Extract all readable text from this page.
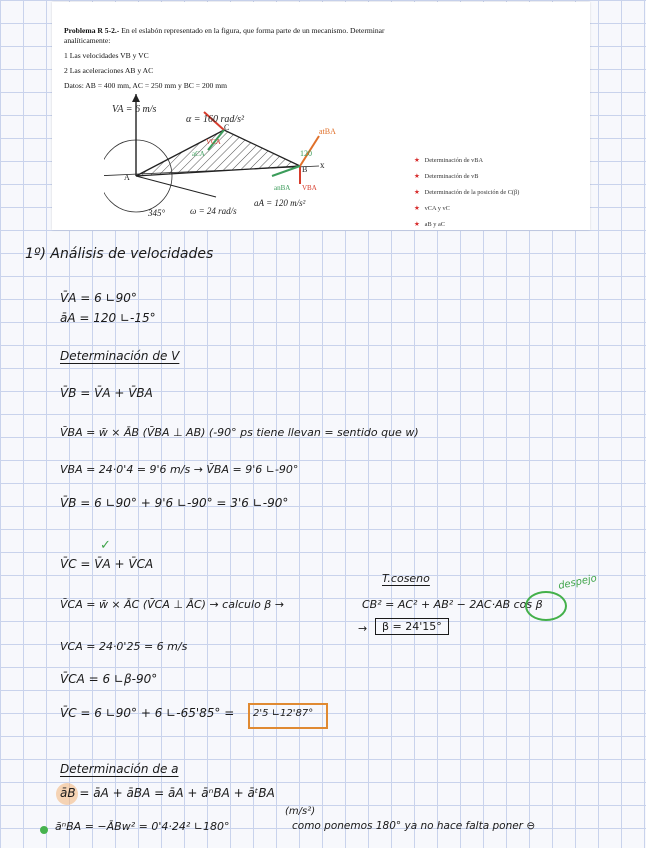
Problema R 5-2.- En el eslabón representado en la figura, que forma parte de un mecanismo. Determinar analíticamente:
1 Las velocidades VB y VC
2 Las aceleraciones AB y AC
Datos: AB = 400 mm, AC = 250 mm y BC = 200 mm
x
VA = 6 m/s
α = 160 rad/s²
VCA
aCA
C	atBA
120
B
anBA VBA
A
ω = 24 rad/s
aA = 120 m/s²
345°
★ Determinación de vBA
★ Determinación de vB
★ Determinación de la posición de C(β)
★ vCA y vC
★ aB y aC
1º) Análisis de velocidades
V̄A = 6 ∟90°
āA = 120 ∟-15°
Determinación de V
V̄B = V̄A + V̄BA
V̄BA = w̄ × ĀB (V̄BA ⊥ AB) (-90° ps tiene llevan = sentido que w)
VBA = 24·0'4 = 9'6 m/s → V̄BA = 9'6 ∟-90°
V̄B = 6 ∟90° + 9'6 ∟-90° = 3'6 ∟-90°
✓
V̄C = V̄A + V̄CA
T.coseno	despejo
V̄CA = w̄ × ĀC (V̄CA ⊥ ĀC) → calculo β →	CB² = AC² + AB² − 2AC·AB cos β
→	β = 24'15°
VCA = 24·0'25 = 6 m/s
V̄CA = 6 ∟β-90°
V̄C = 6 ∟90° + 6 ∟-65'85° = 2'5 ∟12'87°
Determinación de a
āB = āA + āBA = āA + āⁿBA + āᵗBA
(m/s²)
āⁿBA = −ĀBw² = 0'4·24² ∟180°	como ponemos 180° ya no hace falta poner ⊖
